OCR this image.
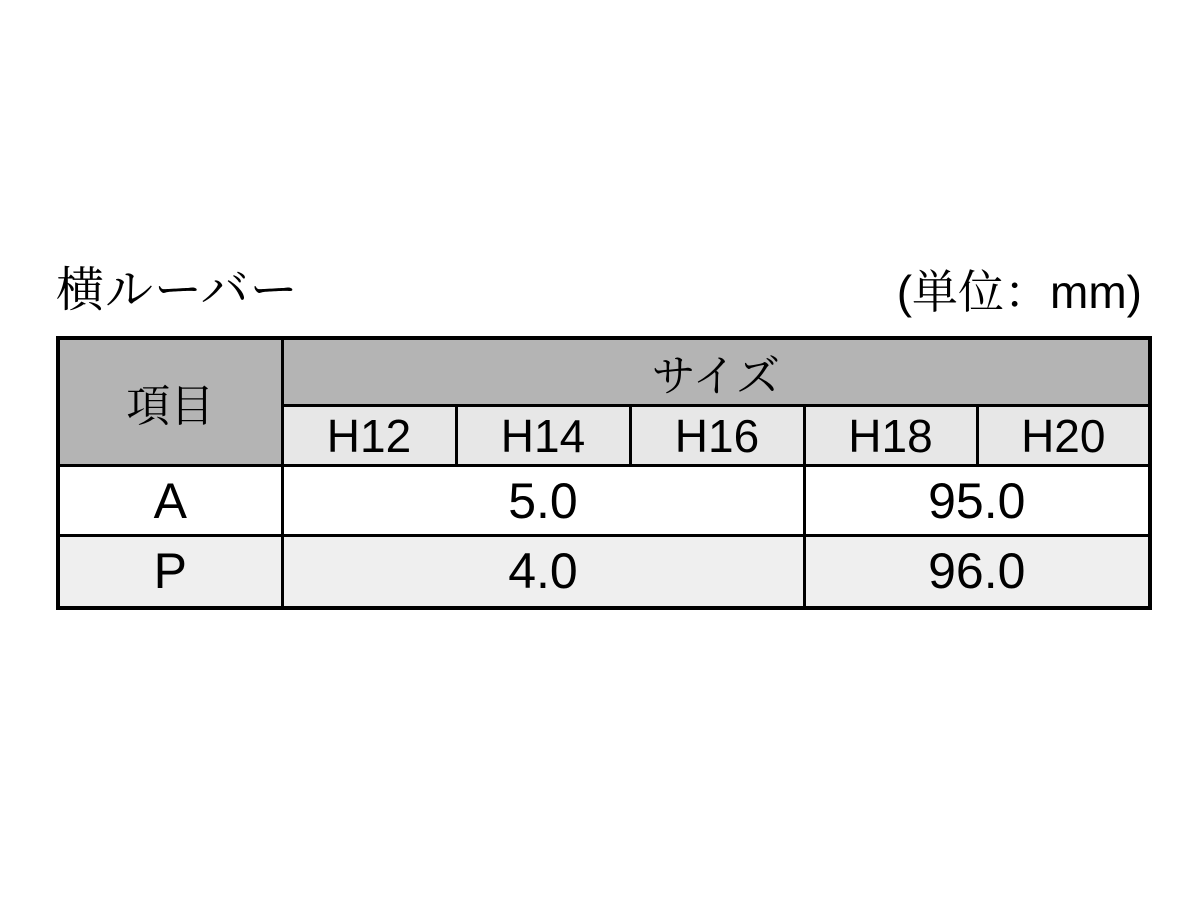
横ルーバー	(単位：mm)
項目	サイズ				
	H12	H14	H16	H18	H20
A	5.0			95.0	
P	4.0			96.0	
